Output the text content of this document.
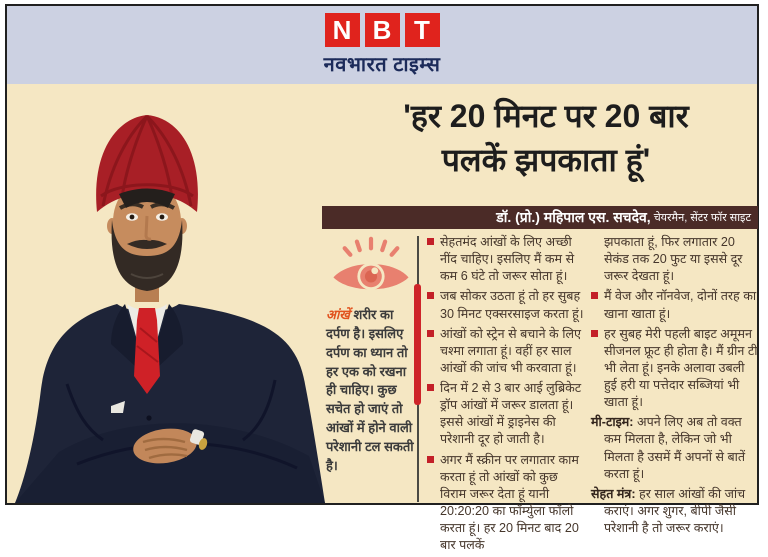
N B T
नवभारत टाइम्स
'हर 20 मिनट पर 20 बार
पलकें झपकाता हूं'
डॉ. (प्रो.) महिपाल एस. सचदेव, चेयरमैन, सेंटर फॉर साइट

आंखें शरीर का दर्पण है। इसलिए दर्पण का ध्यान तो हर एक को रखना ही चाहिए। कुछ सचेत हो जाएं तो आंखों में होने वाली परेशानी टल सकती है।

सेहतमंद आंखों के लिए अच्छी नींद चाहिए। इसलिए मैं कम से कम 6 घंटे तो जरूर सोता हूं।
जब सोकर उठता हूं तो हर सुबह 30 मिनट एक्सरसाइज करता हूं।
आंखों को स्ट्रेन से बचाने के लिए चश्मा लगाता हूं। वहीं हर साल आंखों की जांच भी करवाता हूं।
दिन में 2 से 3 बार आई लुब्रिकेट ड्रॉप आंखों में जरूर डालता हूं। इससे आंखों में ड्राइनेस की परेशानी दूर हो जाती है।
अगर मैं स्क्रीन पर लगातार काम करता हूं तो आंखों को कुछ विराम जरूर देता हूं यानी 20:20:20 का फॉर्म्युला फॉलो करता हूं। हर 20 मिनट बाद 20 बार पलकें
झपकाता हूं, फिर लगातार 20 सेकंड तक 20 फुट या इससे दूर जरूर देखता हूं।
मैं वेज और नॉनवेज, दोनों तरह का खाना खाता हूं।
हर सुबह मेरी पहली बाइट अमूमन सीजनल फ्रूट ही होता है। मैं ग्रीन टी भी लेता हूं। इनके अलावा उबली हुई हरी या पत्तेदार सब्जियां भी खाता हूं।
मी-टाइम: अपने लिए अब तो वक्त कम मिलता है, लेकिन जो भी मिलता है उसमें मैं अपनों से बातें करता हूं।
सेहत मंत्र: हर साल आंखों की जांच कराएं। अगर शुगर, बीपी जैसी परेशानी है तो जरूर कराएं।
